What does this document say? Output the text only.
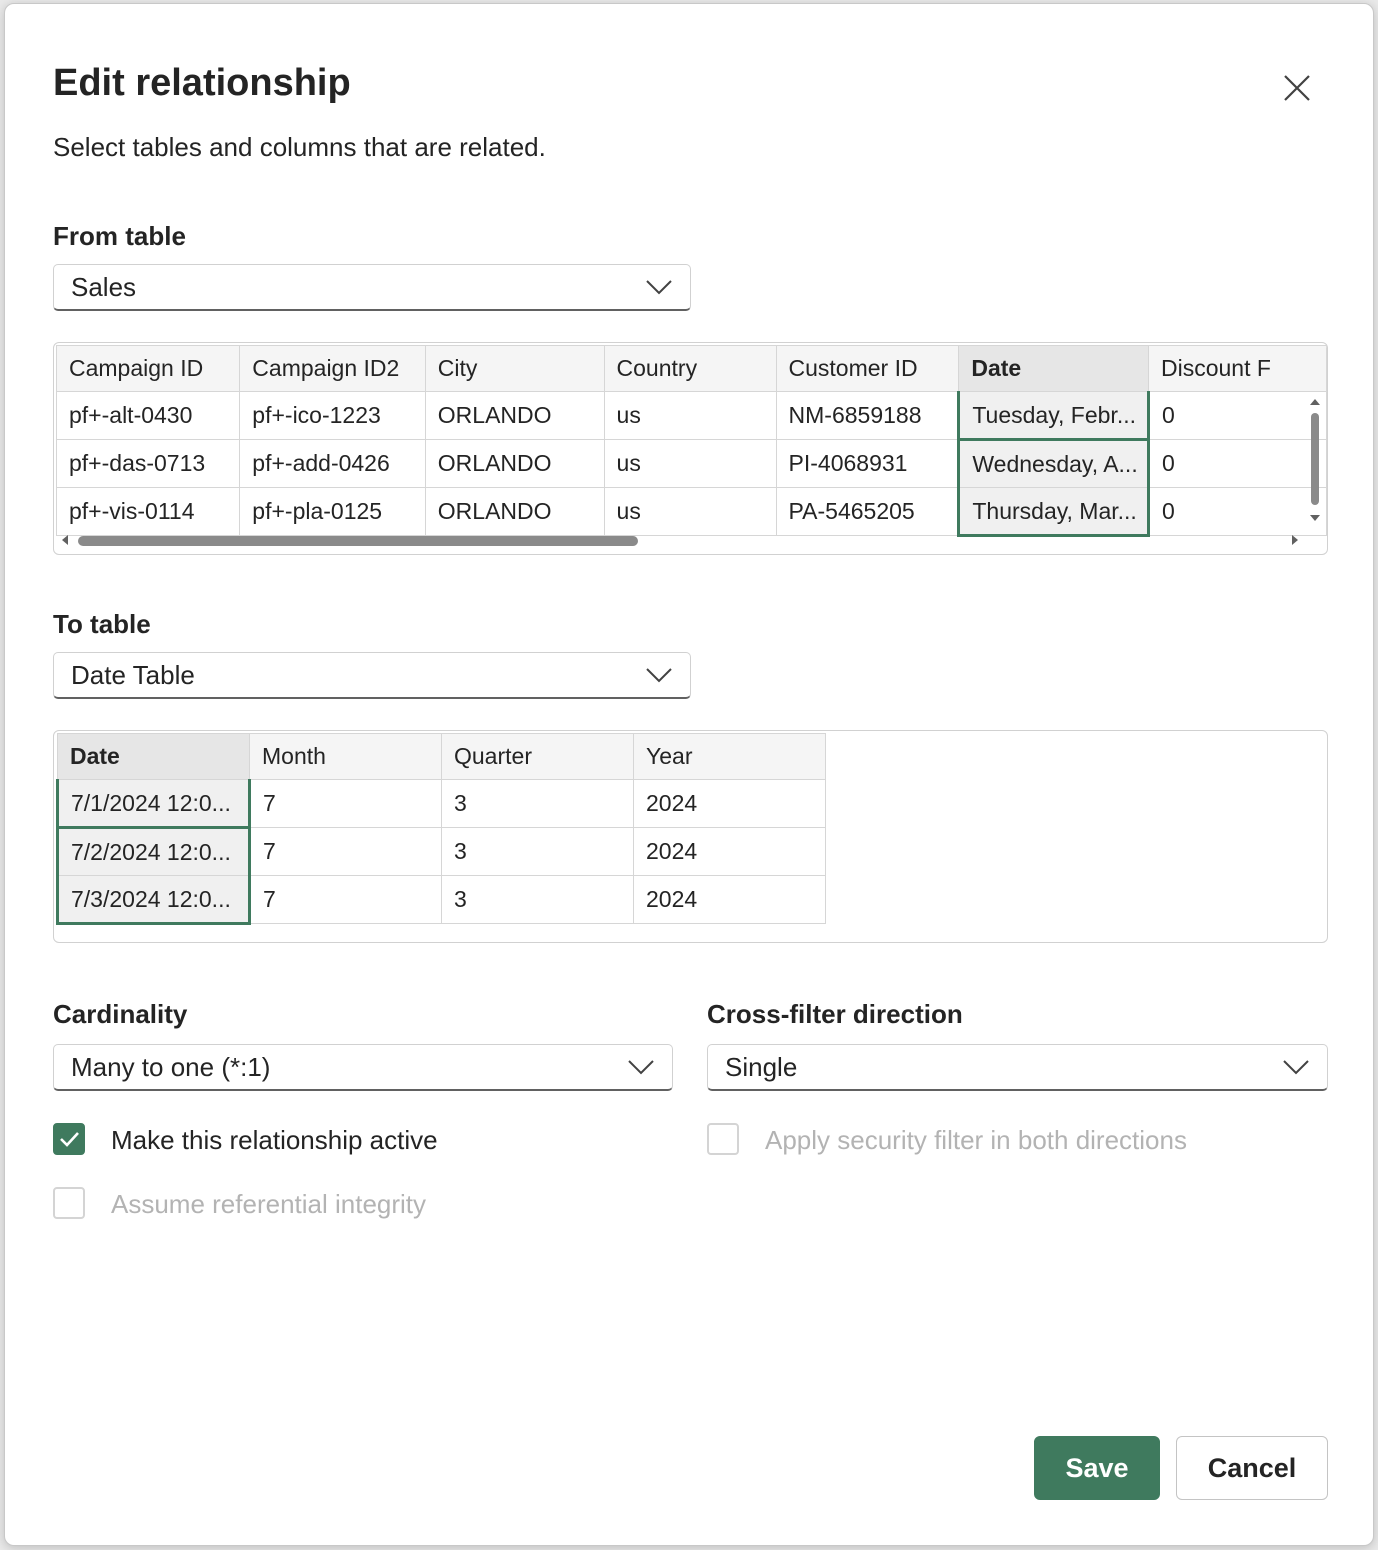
Edit relationship
Select tables and columns that are related.
From table
Sales
Campaign ID	Campaign ID2	City	Country	Customer ID	Date	Discount F
pf+-alt-0430	pf+-ico-1223	ORLANDO	us	NM-6859188	Tuesday, Febr...	0
pf+-das-0713	pf+-add-0426	ORLANDO	us	PI-4068931	Wednesday, A...	0
pf+-vis-0114	pf+-pla-0125	ORLANDO	us	PA-5465205	Thursday, Mar...	0
To table
Date Table
Date	Month	Quarter	Year
7/1/2024 12:0...	7	3	2024
7/2/2024 12:0...	7	3	2024
7/3/2024 12:0...	7	3	2024
Cardinality
Many to one (*:1)
Cross-filter direction
Single
Make this relationship active
Assume referential integrity
Apply security filter in both directions
Save	Cancel
